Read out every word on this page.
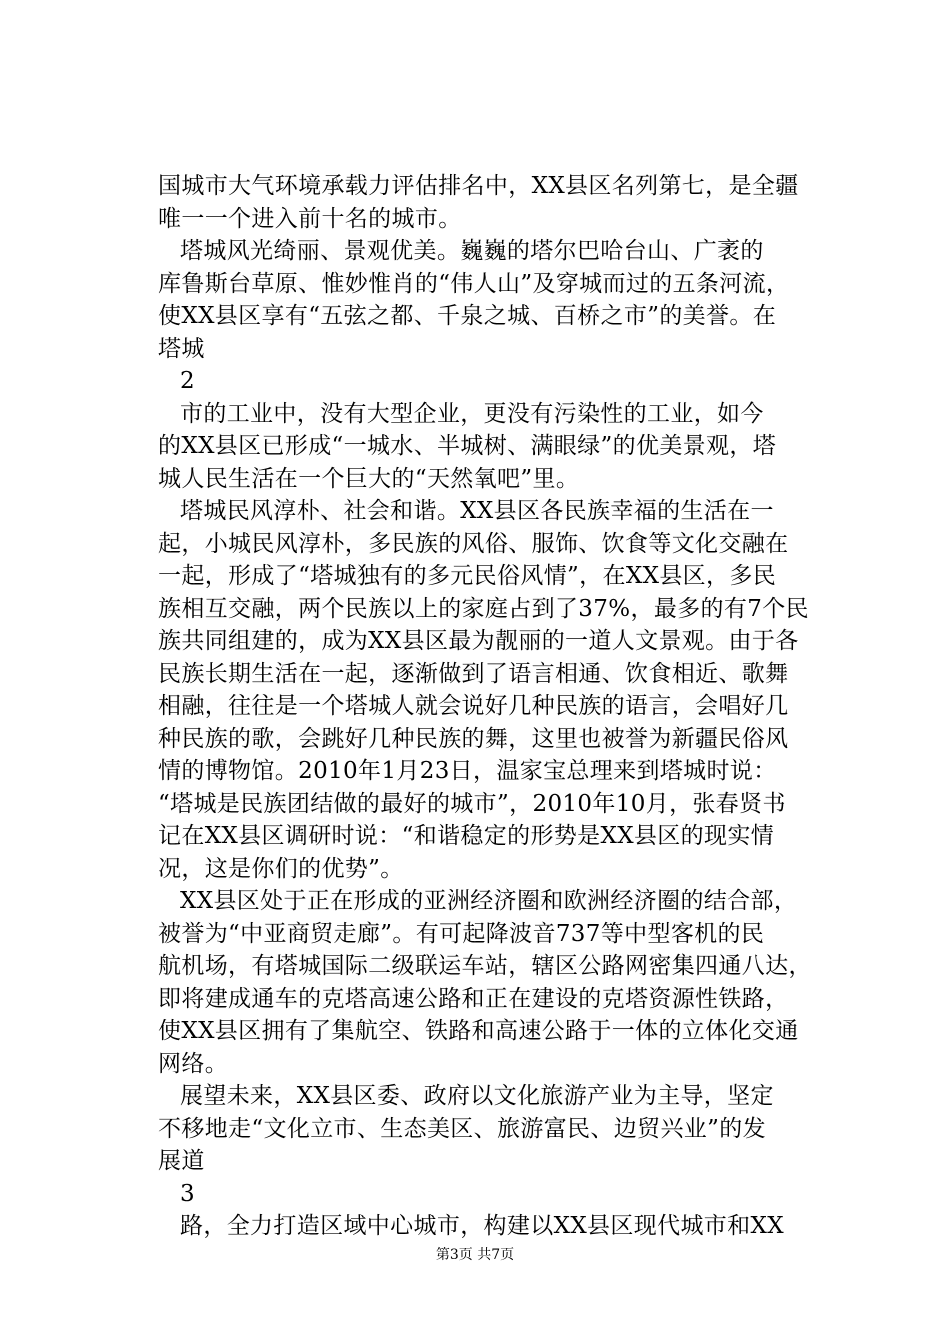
国城市大气环境承载力评估排名中，XX县区名列第七，是全疆
唯一一个进入前十名的城市。
塔城风光绮丽、景观优美。巍巍的塔尔巴哈台山、广袤的
库鲁斯台草原、惟妙惟肖的“伟人山”及穿城而过的五条河流，
使XX县区享有“五弦之都、千泉之城、百桥之市”的美誉。在
塔城
2
市的工业中，没有大型企业，更没有污染性的工业，如今
的XX县区已形成“一城水、半城树、满眼绿”的优美景观，塔
城人民生活在一个巨大的“天然氧吧”里。
塔城民风淳朴、社会和谐。XX县区各民族幸福的生活在一
起，小城民风淳朴，多民族的风俗、服饰、饮食等文化交融在
一起，形成了“塔城独有的多元民俗风情”，在XX县区，多民
族相互交融，两个民族以上的家庭占到了37%，最多的有7个民
族共同组建的，成为XX县区最为靓丽的一道人文景观。由于各
民族长期生活在一起，逐渐做到了语言相通、饮食相近、歌舞
相融，往往是一个塔城人就会说好几种民族的语言，会唱好几
种民族的歌，会跳好几种民族的舞，这里也被誉为新疆民俗风
情的博物馆。2010年1月23日，温家宝总理来到塔城时说：
“塔城是民族团结做的最好的城市”，2010年10月，张春贤书
记在XX县区调研时说：“和谐稳定的形势是XX县区的现实情
况，这是你们的优势”。
XX县区处于正在形成的亚洲经济圈和欧洲经济圈的结合部，
被誉为“中亚商贸走廊”。有可起降波音737等中型客机的民
航机场，有塔城国际二级联运车站，辖区公路网密集四通八达，
即将建成通车的克塔高速公路和正在建设的克塔资源性铁路，
使XX县区拥有了集航空、铁路和高速公路于一体的立体化交通
网络。
展望未来，XX县区委、政府以文化旅游产业为主导，坚定
不移地走“文化立市、生态美区、旅游富民、边贸兴业”的发
展道
3
路，全力打造区域中心城市，构建以XX县区现代城市和XX
第3页 共7页
